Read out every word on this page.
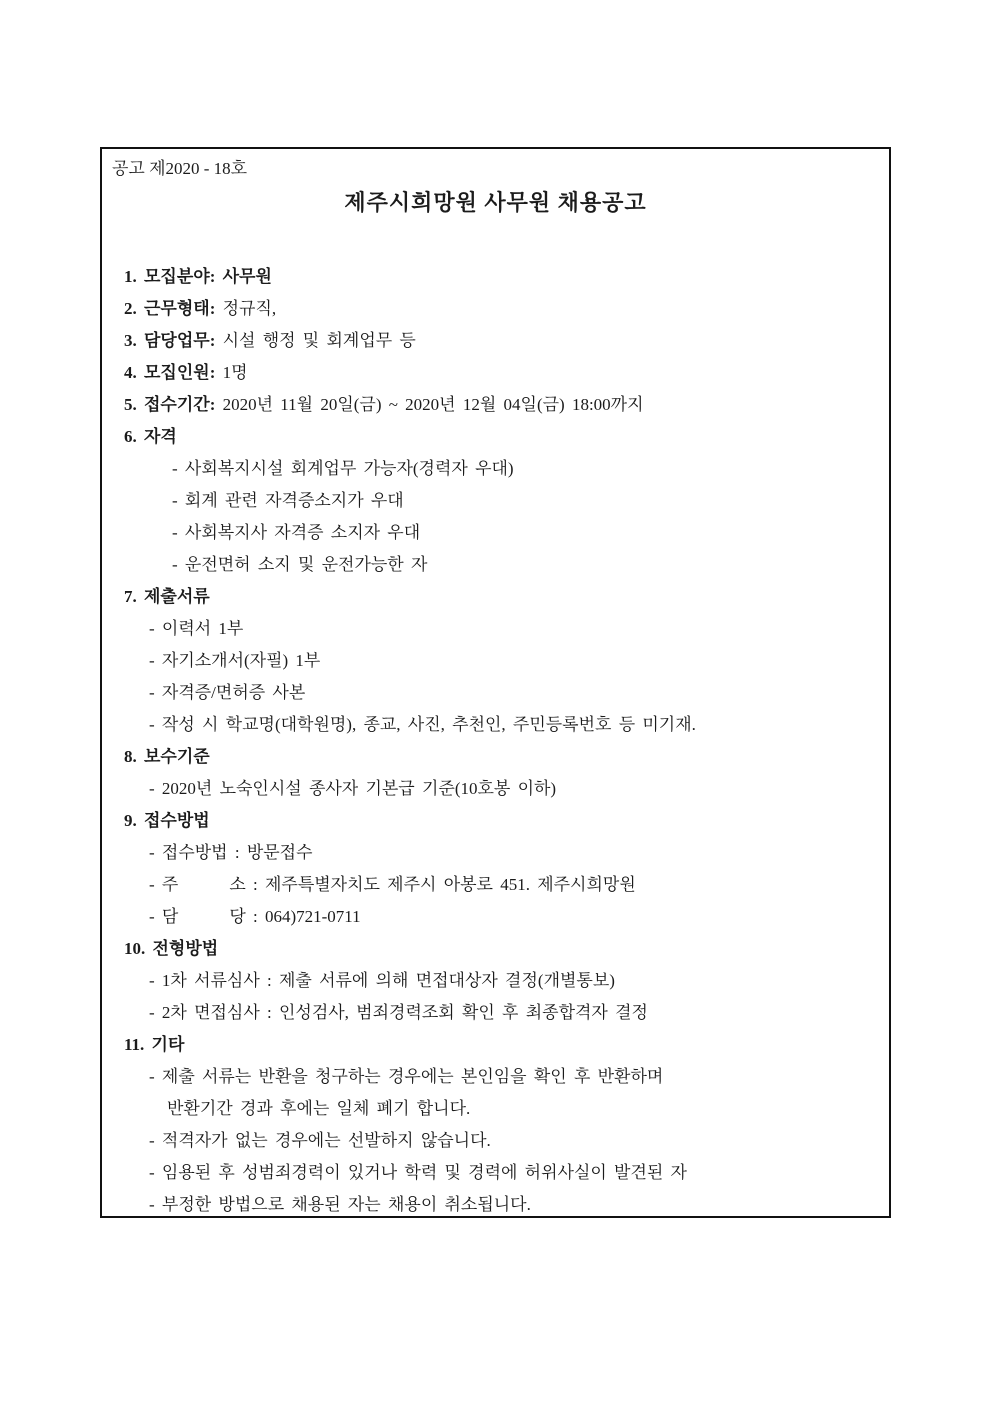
공고 제2020 - 18호
제주시희망원 사무원 채용공고
1. 모집분야: 사무원
2. 근무형태: 정규직,
3. 담당업무: 시설 행정 및 회계업무 등
4. 모집인원: 1명
5. 접수기간: 2020년 11월 20일(금) ~ 2020년 12월 04일(금) 18:00까지
6. 자격
- 사회복지시설 회계업무 가능자(경력자 우대)
- 회계 관련 자격증소지가 우대
- 사회복지사 자격증 소지자 우대
- 운전면허 소지 및 운전가능한 자
7. 제출서류
- 이력서 1부
- 자기소개서(자필) 1부
- 자격증/면허증 사본
- 작성 시 학교명(대학원명), 종교, 사진, 추천인, 주민등록번호 등 미기재.
8. 보수기준
- 2020년 노숙인시설 종사자 기본급 기준(10호봉 이하)
9. 접수방법
- 접수방법 : 방문접수
- 주　　　소 : 제주특별자치도 제주시 아봉로 451. 제주시희망원
- 담　　　당 : 064)721-0711
10. 전형방법
- 1차 서류심사 : 제출 서류에 의해 면접대상자 결정(개별통보)
- 2차 면접심사 : 인성검사, 범죄경력조회 확인 후 최종합격자 결정
11. 기타
- 제출 서류는 반환을 청구하는 경우에는 본인임을 확인 후 반환하며
반환기간 경과 후에는 일체 폐기 합니다.
- 적격자가 없는 경우에는 선발하지 않습니다.
- 임용된 후 성범죄경력이 있거나 학력 및 경력에 허위사실이 발견된 자
- 부정한 방법으로 채용된 자는 채용이 취소됩니다.
